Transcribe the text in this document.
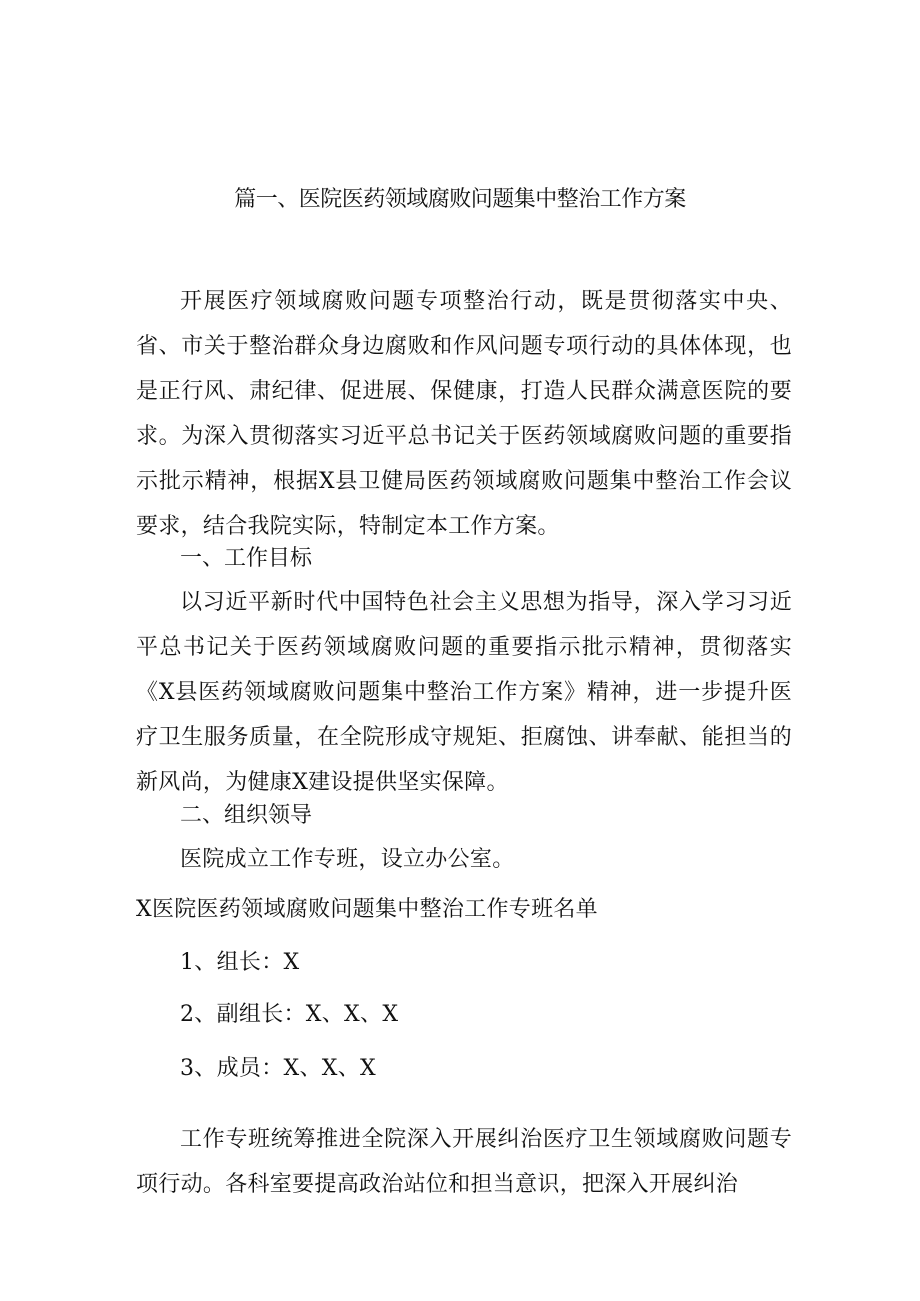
篇一、医院医药领域腐败问题集中整治工作方案

开展医疗领域腐败问题专项整治行动，既是贯彻落实中央、省、市关于整治群众身边腐败和作风问题专项行动的具体体现，也是正行风、肃纪律、促进展、保健康，打造人民群众满意医院的要求。为深入贯彻落实习近平总书记关于医药领域腐败问题的重要指示批示精神，根据X县卫健局医药领域腐败问题集中整治工作会议要求，结合我院实际，特制定本工作方案。

一、工作目标

以习近平新时代中国特色社会主义思想为指导，深入学习习近平总书记关于医药领域腐败问题的重要指示批示精神，贯彻落实《X县医药领域腐败问题集中整治工作方案》精神，进一步提升医疗卫生服务质量，在全院形成守规矩、拒腐蚀、讲奉献、能担当的新风尚，为健康X建设提供坚实保障。

二、组织领导

医院成立工作专班，设立办公室。

X医院医药领域腐败问题集中整治工作专班名单

1、组长：X

2、副组长：X、X、X

3、成员：X、X、X

工作专班统筹推进全院深入开展纠治医疗卫生领域腐败问题专项行动。各科室要提高政治站位和担当意识，把深入开展纠治
